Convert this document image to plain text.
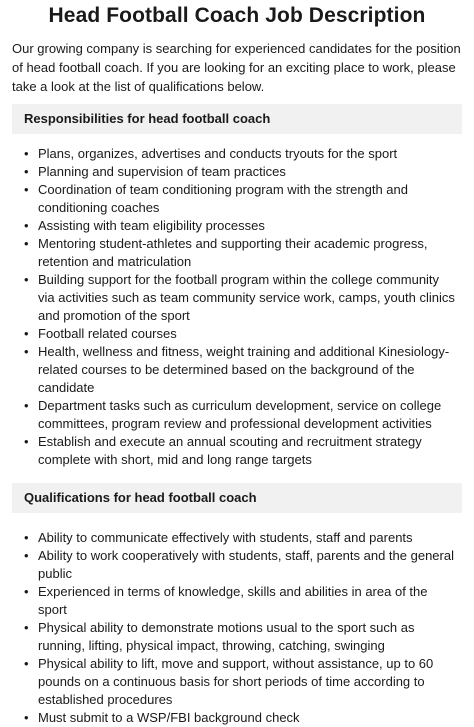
Head Football Coach Job Description

Our growing company is searching for experienced candidates for the position of head football coach. If you are looking for an exciting place to work, please take a look at the list of qualifications below.

Responsibilities for head football coach
• Plans, organizes, advertises and conducts tryouts for the sport
• Planning and supervision of team practices
• Coordination of team conditioning program with the strength and conditioning coaches
• Assisting with team eligibility processes
• Mentoring student-athletes and supporting their academic progress, retention and matriculation
• Building support for the football program within the college community via activities such as team community service work, camps, youth clinics and promotion of the sport
• Football related courses
• Health, wellness and fitness, weight training and additional Kinesiology-related courses to be determined based on the background of the candidate
• Department tasks such as curriculum development, service on college committees, program review and professional development activities
• Establish and execute an annual scouting and recruitment strategy complete with short, mid and long range targets
Qualifications for head football coach
• Ability to communicate effectively with students, staff and parents
• Ability to work cooperatively with students, staff, parents and the general public
• Experienced in terms of knowledge, skills and abilities in area of the sport
• Physical ability to demonstrate motions usual to the sport such as running, lifting, physical impact, throwing, catching, swinging
• Physical ability to lift, move and support, without assistance, up to 60 pounds on a continuous basis for short periods of time according to established procedures
• Must submit to a WSP/FBI background check
